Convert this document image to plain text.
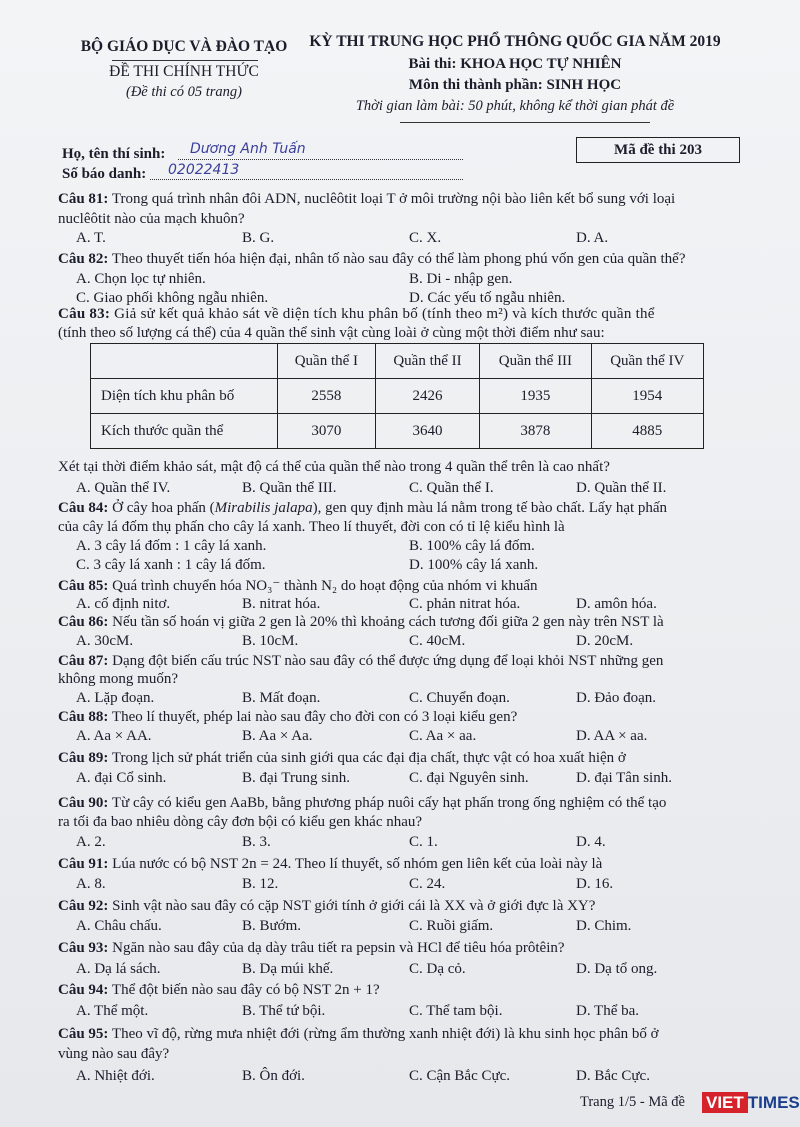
BỘ GIÁO DỤC VÀ ĐÀO TẠO
ĐỀ THI CHÍNH THỨC
(Đề thi có 05 trang)
KỲ THI TRUNG HỌC PHỔ THÔNG QUỐC GIA NĂM 2019
Bài thi: KHOA HỌC TỰ NHIÊN
Môn thi thành phần: SINH HỌC
Thời gian làm bài: 50 phút, không kể thời gian phát đề
Họ, tên thí sinh: Dương Anh Tuấn
Số báo danh: 02022413
Mã đề thi 203
Câu 81: Trong quá trình nhân đôi ADN, nuclêôtit loại T ở môi trường nội bào liên kết bổ sung với loại
nuclêôtit nào của mạch khuôn?
A. T.	B. G.	C. X.	D. A.
Câu 82: Theo thuyết tiến hóa hiện đại, nhân tố nào sau đây có thể làm phong phú vốn gen của quần thể?
A. Chọn lọc tự nhiên.	B. Di - nhập gen.
C. Giao phối không ngẫu nhiên.	D. Các yếu tố ngẫu nhiên.
Câu 83: Giả sử kết quả khảo sát về diện tích khu phân bố (tính theo m²) và kích thước quần thể
(tính theo số lượng cá thể) của 4 quần thể sinh vật cùng loài ở cùng một thời điểm như sau:
	Quần thể I	Quần thể II	Quần thể III	Quần thể IV
Diện tích khu phân bố	2558	2426	1935	1954
Kích thước quần thể	3070	3640	3878	4885
Xét tại thời điểm khảo sát, mật độ cá thể của quần thể nào trong 4 quần thể trên là cao nhất?
A. Quần thể IV.	B. Quần thể III.	C. Quần thể I.	D. Quần thể II.
Câu 84: Ở cây hoa phấn (Mirabilis jalapa), gen quy định màu lá nằm trong tế bào chất. Lấy hạt phấn
của cây lá đốm thụ phấn cho cây lá xanh. Theo lí thuyết, đời con có tỉ lệ kiểu hình là
A. 3 cây lá đốm : 1 cây lá xanh.	B. 100% cây lá đốm.
C. 3 cây lá xanh : 1 cây lá đốm.	D. 100% cây lá xanh.
Câu 85: Quá trình chuyển hóa NO₃⁻ thành N₂ do hoạt động của nhóm vi khuẩn
A. cố định nitơ.	B. nitrat hóa.	C. phản nitrat hóa.	D. amôn hóa.
Câu 86: Nếu tần số hoán vị giữa 2 gen là 20% thì khoảng cách tương đối giữa 2 gen này trên NST là
A. 30cM.	B. 10cM.	C. 40cM.	D. 20cM.
Câu 87: Dạng đột biến cấu trúc NST nào sau đây có thể được ứng dụng để loại khỏi NST những gen
không mong muốn?
A. Lặp đoạn.	B. Mất đoạn.	C. Chuyển đoạn.	D. Đảo đoạn.
Câu 88: Theo lí thuyết, phép lai nào sau đây cho đời con có 3 loại kiểu gen?
A. Aa × AA.	B. Aa × Aa.	C. Aa × aa.	D. AA × aa.
Câu 89: Trong lịch sử phát triển của sinh giới qua các đại địa chất, thực vật có hoa xuất hiện ở
A. đại Cổ sinh.	B. đại Trung sinh.	C. đại Nguyên sinh.	D. đại Tân sinh.
Câu 90: Từ cây có kiểu gen AaBb, bằng phương pháp nuôi cấy hạt phấn trong ống nghiệm có thể tạo
ra tối đa bao nhiêu dòng cây đơn bội có kiểu gen khác nhau?
A. 2.	B. 3.	C. 1.	D. 4.
Câu 91: Lúa nước có bộ NST 2n = 24. Theo lí thuyết, số nhóm gen liên kết của loài này là
A. 8.	B. 12.	C. 24.	D. 16.
Câu 92: Sinh vật nào sau đây có cặp NST giới tính ở giới cái là XX và ở giới đực là XY?
A. Châu chấu.	B. Bướm.	C. Ruồi giấm.	D. Chim.
Câu 93: Ngăn nào sau đây của dạ dày trâu tiết ra pepsin và HCl để tiêu hóa prôtêin?
A. Dạ lá sách.	B. Dạ múi khế.	C. Dạ cỏ.	D. Dạ tổ ong.
Câu 94: Thể đột biến nào sau đây có bộ NST 2n + 1?
A. Thể một.	B. Thể tứ bội.	C. Thể tam bội.	D. Thể ba.
Câu 95: Theo vĩ độ, rừng mưa nhiệt đới (rừng ẩm thường xanh nhiệt đới) là khu sinh học phân bố ở
vùng nào sau đây?
A. Nhiệt đới.	B. Ôn đới.	C. Cận Bắc Cực.	D. Bắc Cực.
Trang 1/5 - Mã đề VIET TIMES
